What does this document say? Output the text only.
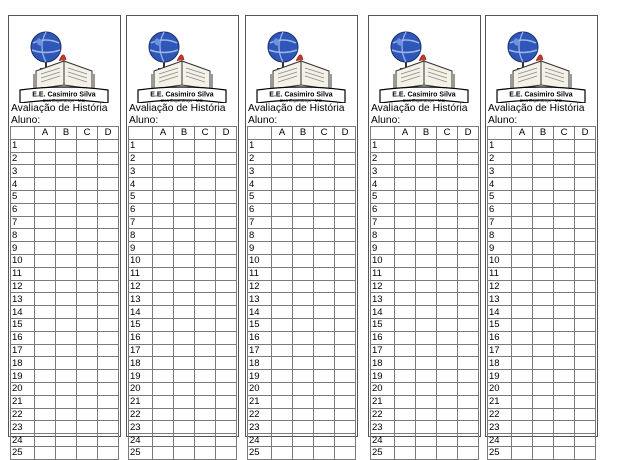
E.E. Casimiro Silva
Boa Esperança - MG
Avaliação de História
Aluno:
	A	B	C	D
1				
2				
3				
4				
5				
6				
7				
8				
9				
10				
11				
12				
13				
14				
15				
16				
17				
18				
19				
20				
21				
22				
23				
24				
25				
E.E. Casimiro Silva
Boa Esperança - MG
Avaliação de História
Aluno:
	A	B	C	D
1				
2				
3				
4				
5				
6				
7				
8				
9				
10				
11				
12				
13				
14				
15				
16				
17				
18				
19				
20				
21				
22				
23				
24				
25				
E.E. Casimiro Silva
Boa Esperança - MG
Avaliação de História
Aluno:
	A	B	C	D
1				
2				
3				
4				
5				
6				
7				
8				
9				
10				
11				
12				
13				
14				
15				
16				
17				
18				
19				
20				
21				
22				
23				
24				
25				
E.E. Casimiro Silva
Boa Esperança - MG
Avaliação de História
Aluno:
	A	B	C	D
1				
2				
3				
4				
5				
6				
7				
8				
9				
10				
11				
12				
13				
14				
15				
16				
17				
18				
19				
20				
21				
22				
23				
24				
25				
E.E. Casimiro Silva
Boa Esperança - MG
Avaliação de História
Aluno:
	A	B	C	D
1				
2				
3				
4				
5				
6				
7				
8				
9				
10				
11				
12				
13				
14				
15				
16				
17				
18				
19				
20				
21				
22				
23				
24				
25				
